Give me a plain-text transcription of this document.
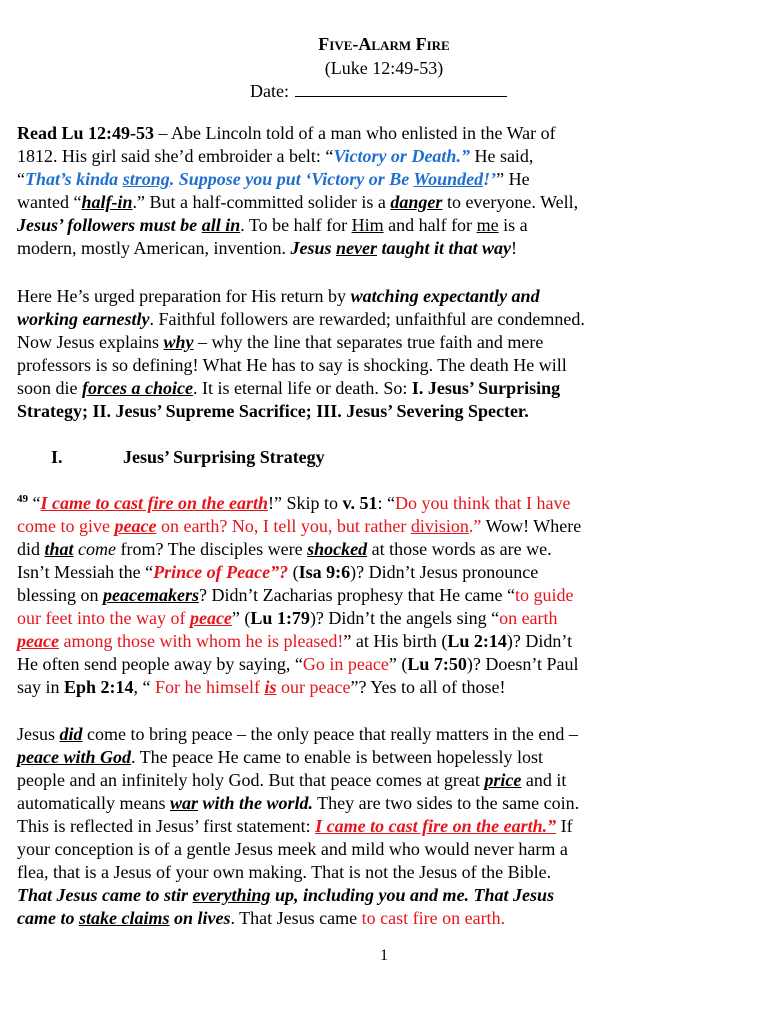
Five-Alarm Fire
(Luke 12:49-53)
Date:
Read Lu 12:49-53 – Abe Lincoln told of a man who enlisted in the War of
1812. His girl said she’d embroider a belt: “Victory or Death.” He said,
“That’s kinda strong. Suppose you put ‘Victory or Be Wounded!’” He
wanted “half-in.” But a half-committed solider is a danger to everyone. Well,
Jesus’ followers must be all in. To be half for Him and half for me is a
modern, mostly American, invention. Jesus never taught it that way!
Here He’s urged preparation for His return by watching expectantly and
working earnestly. Faithful followers are rewarded; unfaithful are condemned.
Now Jesus explains why – why the line that separates true faith and mere
professors is so defining! What He has to say is shocking. The death He will
soon die forces a choice. It is eternal life or death. So: I. Jesus’ Surprising
Strategy; II. Jesus’ Supreme Sacrifice; III. Jesus’ Severing Specter.
I.	Jesus’ Surprising Strategy
$^{49}$ “I came to cast fire on the earth!” Skip to v. 51: “Do you think that I have
come to give peace on earth? No, I tell you, but rather division.” Wow! Where
did that come from? The disciples were shocked at those words as are we.
Isn’t Messiah the “Prince of Peace”? (Isa 9:6)? Didn’t Jesus pronounce
blessing on peacemakers? Didn’t Zacharias prophesy that He came “to guide
our feet into the way of peace” (Lu 1:79)? Didn’t the angels sing “on earth
peace among those with whom he is pleased!” at His birth (Lu 2:14)? Didn’t
He often send people away by saying, “Go in peace” (Lu 7:50)? Doesn’t Paul
say in Eph 2:14, “ For he himself is our peace”? Yes to all of those!
Jesus did come to bring peace – the only peace that really matters in the end –
peace with God. The peace He came to enable is between hopelessly lost
people and an infinitely holy God. But that peace comes at great price and it
automatically means war with the world. They are two sides to the same coin.
This is reflected in Jesus’ first statement: I came to cast fire on the earth.” If
your conception is of a gentle Jesus meek and mild who would never harm a
flea, that is a Jesus of your own making. That is not the Jesus of the Bible.
That Jesus came to stir everything up, including you and me. That Jesus
came to stake claims on lives. That Jesus came to cast fire on earth.
1
